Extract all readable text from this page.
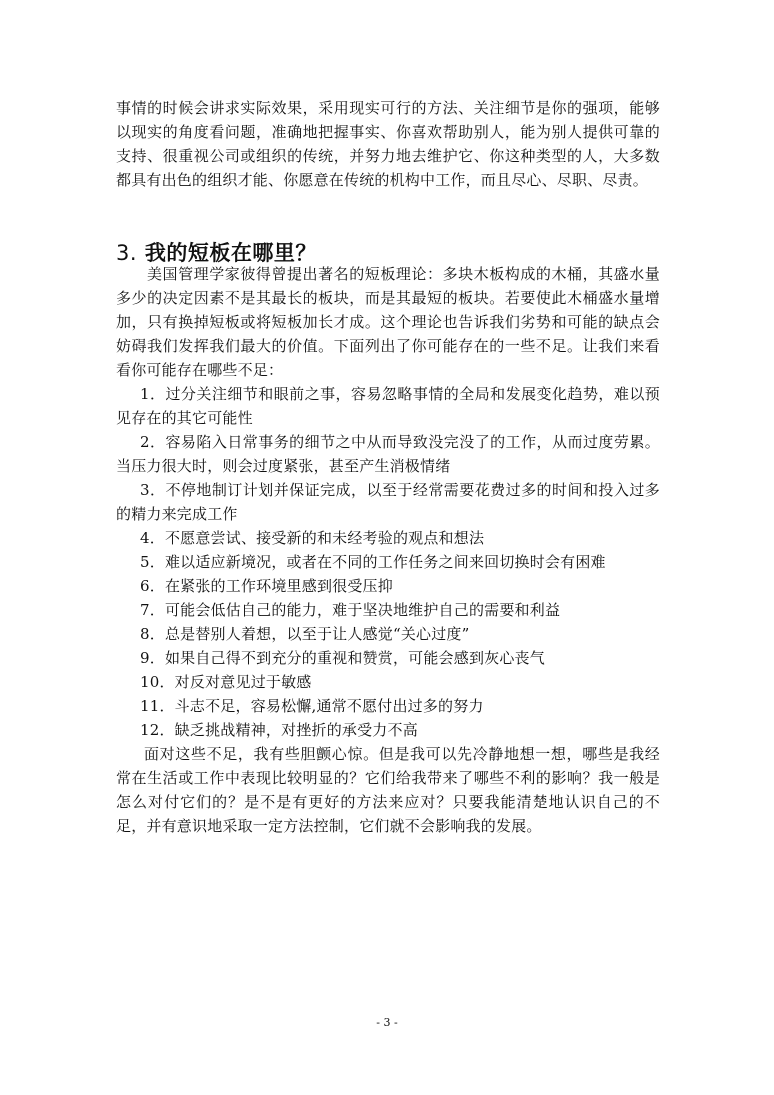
事情的时候会讲求实际效果，采用现实可行的方法、关注细节是你的强项，能够以现实的角度看问题，准确地把握事实、你喜欢帮助别人，能为别人提供可靠的支持、很重视公司或组织的传统，并努力地去维护它、你这种类型的人，大多数都具有出色的组织才能、你愿意在传统的机构中工作，而且尽心、尽职、尽责。

3. 我的短板在哪里？

美国管理学家彼得曾提出著名的短板理论：多块木板构成的木桶，其盛水量多少的决定因素不是其最长的板块，而是其最短的板块。若要使此木桶盛水量增加，只有换掉短板或将短板加长才成。这个理论也告诉我们劣势和可能的缺点会妨碍我们发挥我们最大的价值。下面列出了你可能存在的一些不足。让我们来看看你可能存在哪些不足：

1．过分关注细节和眼前之事，容易忽略事情的全局和发展变化趋势，难以预见存在的其它可能性
2．容易陷入日常事务的细节之中从而导致没完没了的工作，从而过度劳累。当压力很大时，则会过度紧张，甚至产生消极情绪
3．不停地制订计划并保证完成，以至于经常需要花费过多的时间和投入过多的精力来完成工作
4．不愿意尝试、接受新的和未经考验的观点和想法
5．难以适应新境况，或者在不同的工作任务之间来回切换时会有困难
6．在紧张的工作环境里感到很受压抑
7．可能会低估自己的能力，难于坚决地维护自己的需要和利益
8．总是替别人着想，以至于让人感觉“关心过度”
9．如果自己得不到充分的重视和赞赏，可能会感到灰心丧气
10．对反对意见过于敏感
11．斗志不足，容易松懈,通常不愿付出过多的努力
12．缺乏挑战精神，对挫折的承受力不高

面对这些不足，我有些胆颤心惊。但是我可以先冷静地想一想，哪些是我经常在生活或工作中表现比较明显的？它们给我带来了哪些不利的影响？我一般是怎么对付它们的？是不是有更好的方法来应对？只要我能清楚地认识自己的不足，并有意识地采取一定方法控制，它们就不会影响我的发展。

- 3 -
